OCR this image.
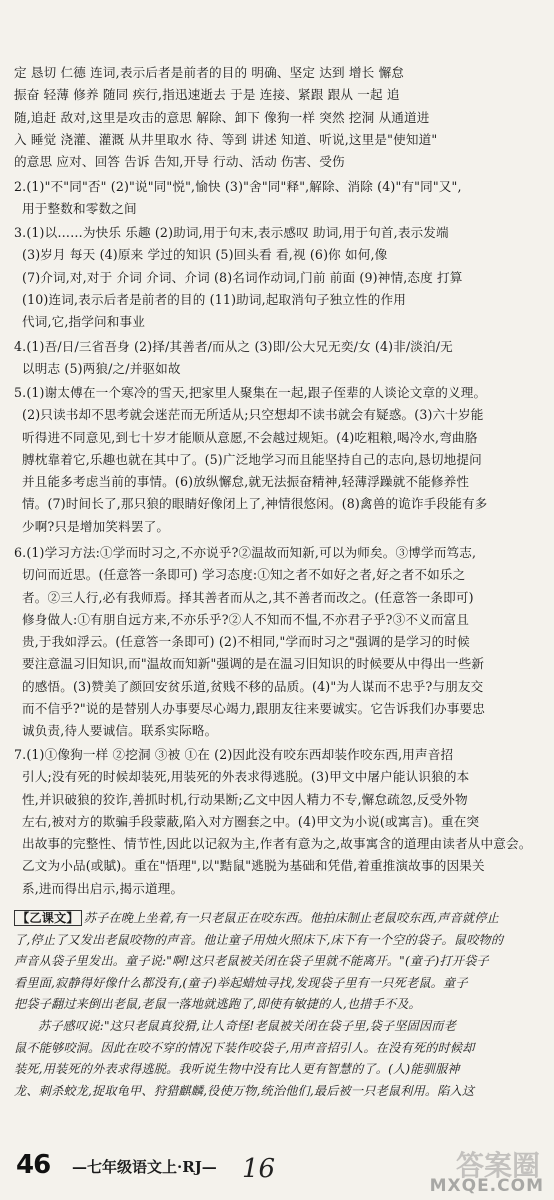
定 恳切 仁德 连词,表示后者是前者的目的 明确、坚定 达到 增长 懈怠
振奋 轻薄 修养 随同 疾行,指迅速逝去 于是 连接、紧跟 跟从 一起 追
随,追赶 敌对,这里是攻击的意思 解除、卸下 像狗一样 突然 挖洞 从通道进
入 睡觉 浇灌、灌溉 从井里取水 待、等到 讲述 知道、听说,这里是"使知道"
的意思 应对、回答 告诉 告知,开导 行动、活动 伤害、受伤
2.(1)"不"同"否" (2)"说"同"悦",愉快 (3)"舍"同"释",解除、消除 (4)"有"同"又",
用于整数和零数之间
3.(1)以……为快乐 乐趣 (2)助词,用于句末,表示感叹 助词,用于句首,表示发端
(3)岁月 每天 (4)原来 学过的知识 (5)回头看 看,视 (6)你 如何,像
(7)介词,对,对于 介词 介词、介词 (8)名词作动词,门前 前面 (9)神情,态度 打算
(10)连词,表示后者是前者的目的 (11)助词,起取消句子独立性的作用
代词,它,指学问和事业
4.(1)吾/日/三省吾身 (2)择/其善者/而从之 (3)即/公大兄无奕/女 (4)非/淡泊/无
以明志 (5)两狼/之/并驱如故
5.(1)谢太傅在一个寒冷的雪天,把家里人聚集在一起,跟子侄辈的人谈论文章的义理。
(2)只读书却不思考就会迷茫而无所适从;只空想却不读书就会有疑惑。(3)六十岁能
听得进不同意见,到七十岁才能顺从意愿,不会越过规矩。(4)吃粗粮,喝冷水,弯曲胳
膊枕靠着它,乐趣也就在其中了。(5)广泛地学习而且能坚持自己的志向,恳切地提问
并且能多考虑当前的事情。(6)放纵懈怠,就无法振奋精神,轻薄浮躁就不能修养性
情。(7)时间长了,那只狼的眼睛好像闭上了,神情很悠闲。(8)禽兽的诡诈手段能有多
少啊?只是增加笑料罢了。
6.(1)学习方法:①学而时习之,不亦说乎?②温故而知新,可以为师矣。③博学而笃志,
切问而近思。(任意答一条即可) 学习态度:①知之者不如好之者,好之者不如乐之
者。②三人行,必有我师焉。择其善者而从之,其不善者而改之。(任意答一条即可)
修身做人:①有朋自远方来,不亦乐乎?②人不知而不愠,不亦君子乎?③不义而富且
贵,于我如浮云。(任意答一条即可) (2)不相同,"学而时习之"强调的是学习的时候
要注意温习旧知识,而"温故而知新"强调的是在温习旧知识的时候要从中得出一些新
的感悟。(3)赞美了颜回安贫乐道,贫贱不移的品质。(4)"为人谋而不忠乎?与朋友交
而不信乎?"说的是替别人办事要尽心竭力,跟朋友往来要诚实。它告诉我们办事要忠
诚负责,待人要诚信。联系实际略。
7.(1)①像狗一样 ②挖洞 ③被 ①在 (2)因此没有咬东西却装作咬东西,用声音招
引人;没有死的时候却装死,用装死的外表求得逃脱。(3)甲文中屠户能认识狼的本
性,并识破狼的狡诈,善抓时机,行动果断;乙文中因人精力不专,懈怠疏忽,反受外物
左右,被对方的欺骗手段蒙蔽,陷入对方圈套之中。(4)甲文为小说(或寓言)。重在突
出故事的完整性、情节性,因此以记叙为主,作者有意为之,故事寓含的道理由读者从中意会。
乙文为小品(或賦)。重在"悟理",以"黠鼠"逃脱为基础和凭借,着重推演故事的因果关
系,进而得出启示,揭示道理。
【乙课文】 苏子在晚上坐着,有一只老鼠正在咬东西。他拍床制止老鼠咬东西,声音就停止
了,停止了又发出老鼠咬物的声音。他让童子用烛火照床下,床下有一个空的袋子。鼠咬物的
声音从袋子里发出。童子说:"啊!这只老鼠被关闭在袋子里就不能离开。"(童子)打开袋子
看里面,寂静得好像什么都没有,(童子)举起蜡烛寻找,发现袋子里有一只死老鼠。童子
把袋子翻过来倒出老鼠,老鼠一落地就逃跑了,即使有敏捷的人,也措手不及。
苏子感叹说:"这只老鼠真狡猾,让人奇怪!老鼠被关闭在袋子里,袋子坚固因而老
鼠不能够咬洞。因此在咬不穿的情况下装作咬袋子,用声音招引人。在没有死的时候却
装死,用装死的外表求得逃脱。我听说生物中没有比人更有智慧的了。(人)能驯服神
龙、刺杀蛟龙,捉取龟甲、狩猎麒麟,役使万物,统治他们,最后被一只老鼠利用。陷入这
46 —七年级语文上·RJ— 16	答案圈
MXQE.COM
